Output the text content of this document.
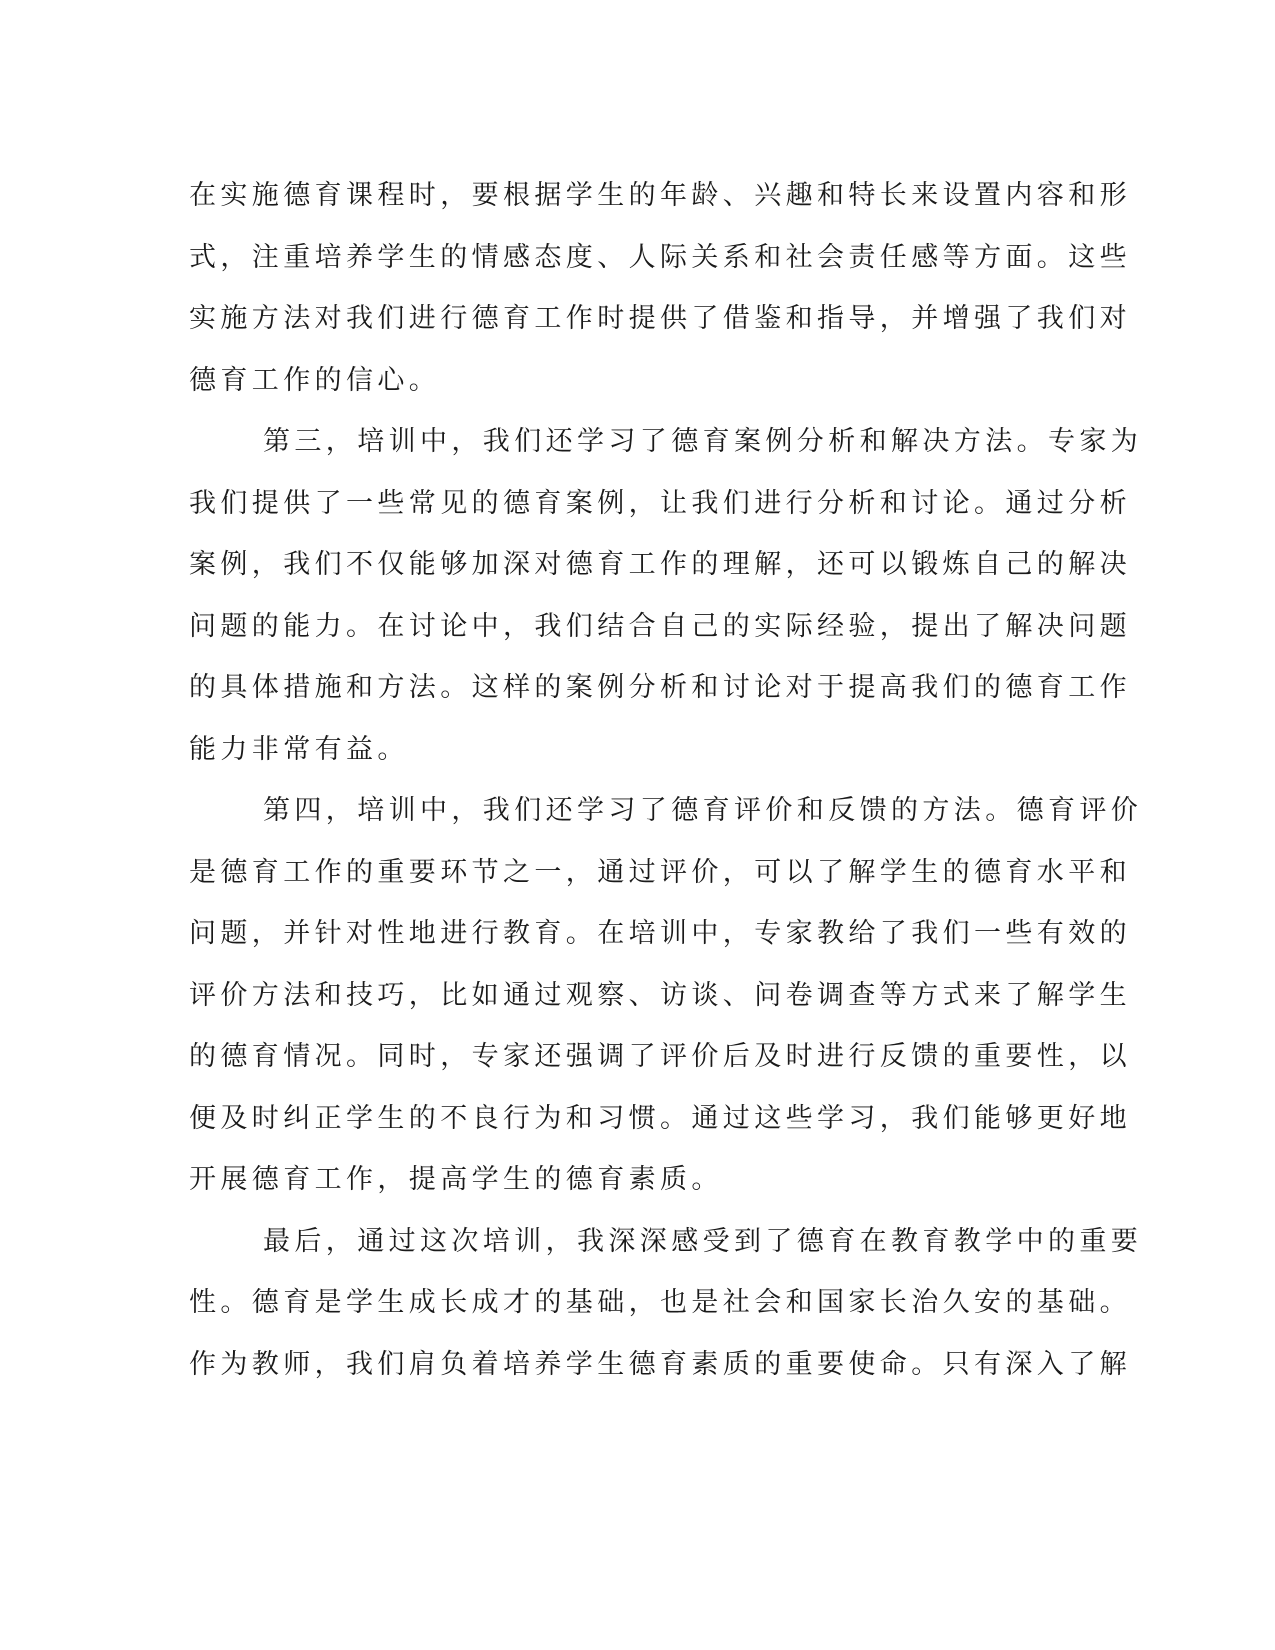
在实施德育课程时，要根据学生的年龄、兴趣和特长来设置内容和形
式，注重培养学生的情感态度、人际关系和社会责任感等方面。这些
实施方法对我们进行德育工作时提供了借鉴和指导，并增强了我们对
德育工作的信心。
第三，培训中，我们还学习了德育案例分析和解决方法。专家为
我们提供了一些常见的德育案例，让我们进行分析和讨论。通过分析
案例，我们不仅能够加深对德育工作的理解，还可以锻炼自己的解决
问题的能力。在讨论中，我们结合自己的实际经验，提出了解决问题
的具体措施和方法。这样的案例分析和讨论对于提高我们的德育工作
能力非常有益。
第四，培训中，我们还学习了德育评价和反馈的方法。德育评价
是德育工作的重要环节之一，通过评价，可以了解学生的德育水平和
问题，并针对性地进行教育。在培训中，专家教给了我们一些有效的
评价方法和技巧，比如通过观察、访谈、问卷调查等方式来了解学生
的德育情况。同时，专家还强调了评价后及时进行反馈的重要性，以
便及时纠正学生的不良行为和习惯。通过这些学习，我们能够更好地
开展德育工作，提高学生的德育素质。
最后，通过这次培训，我深深感受到了德育在教育教学中的重要
性。德育是学生成长成才的基础，也是社会和国家长治久安的基础。
作为教师，我们肩负着培养学生德育素质的重要使命。只有深入了解
